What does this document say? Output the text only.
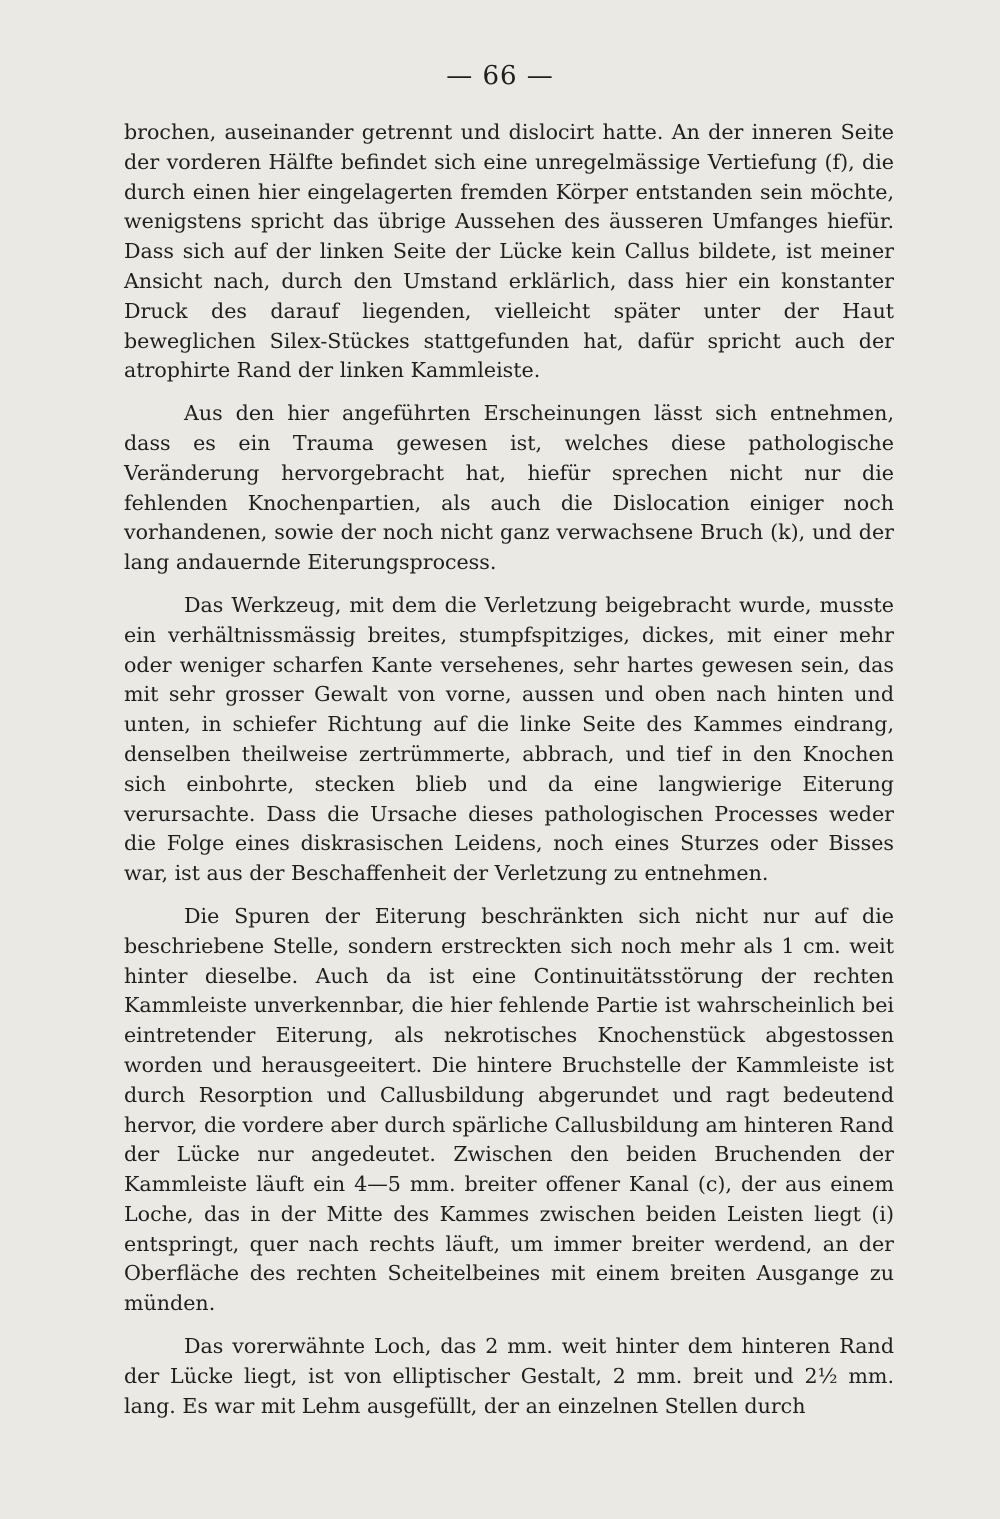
— 66 —

brochen, auseinander getrennt und dislocirt hatte. An der inneren Seite der vorderen Hälfte befindet sich eine unregelmässige Vertiefung (f), die durch einen hier eingelagerten fremden Körper entstanden sein möchte, wenigstens spricht das übrige Aussehen des äusseren Umfanges hiefür. Dass sich auf der linken Seite der Lücke kein Callus bildete, ist meiner Ansicht nach, durch den Umstand erklärlich, dass hier ein konstanter Druck des darauf liegenden, vielleicht später unter der Haut beweglichen Silex-Stückes stattgefunden hat, dafür spricht auch der atrophirte Rand der linken Kammleiste.

Aus den hier angeführten Erscheinungen lässt sich entnehmen, dass es ein Trauma gewesen ist, welches diese pathologische Veränderung hervorgebracht hat, hiefür sprechen nicht nur die fehlenden Knochenpartien, als auch die Dislocation einiger noch vorhandenen, sowie der noch nicht ganz verwachsene Bruch (k), und der lang andauernde Eiterungsprocess.

Das Werkzeug, mit dem die Verletzung beigebracht wurde, musste ein verhältnissmässig breites, stumpfspitziges, dickes, mit einer mehr oder weniger scharfen Kante versehenes, sehr hartes gewesen sein, das mit sehr grosser Gewalt von vorne, aussen und oben nach hinten und unten, in schiefer Richtung auf die linke Seite des Kammes eindrang, denselben theilweise zertrümmerte, abbrach, und tief in den Knochen sich einbohrte, stecken blieb und da eine langwierige Eiterung verursachte. Dass die Ursache dieses pathologischen Processes weder die Folge eines diskrasischen Leidens, noch eines Sturzes oder Bisses war, ist aus der Beschaffenheit der Verletzung zu entnehmen.

Die Spuren der Eiterung beschränkten sich nicht nur auf die beschriebene Stelle, sondern erstreckten sich noch mehr als 1 cm. weit hinter dieselbe. Auch da ist eine Continuitätsstörung der rechten Kammleiste unverkennbar, die hier fehlende Partie ist wahrscheinlich bei eintretender Eiterung, als nekrotisches Knochenstück abgestossen worden und herausgeeitert. Die hintere Bruchstelle der Kammleiste ist durch Resorption und Callusbildung abgerundet und ragt bedeutend hervor, die vordere aber durch spärliche Callusbildung am hinteren Rand der Lücke nur angedeutet. Zwischen den beiden Bruchenden der Kammleiste läuft ein 4—5 mm. breiter offener Kanal (c), der aus einem Loche, das in der Mitte des Kammes zwischen beiden Leisten liegt (i) entspringt, quer nach rechts läuft, um immer breiter werdend, an der Oberfläche des rechten Scheitelbeines mit einem breiten Ausgange zu münden.

Das vorerwähnte Loch, das 2 mm. weit hinter dem hinteren Rand der Lücke liegt, ist von elliptischer Gestalt, 2 mm. breit und 2½ mm. lang. Es war mit Lehm ausgefüllt, der an einzelnen Stellen durch
